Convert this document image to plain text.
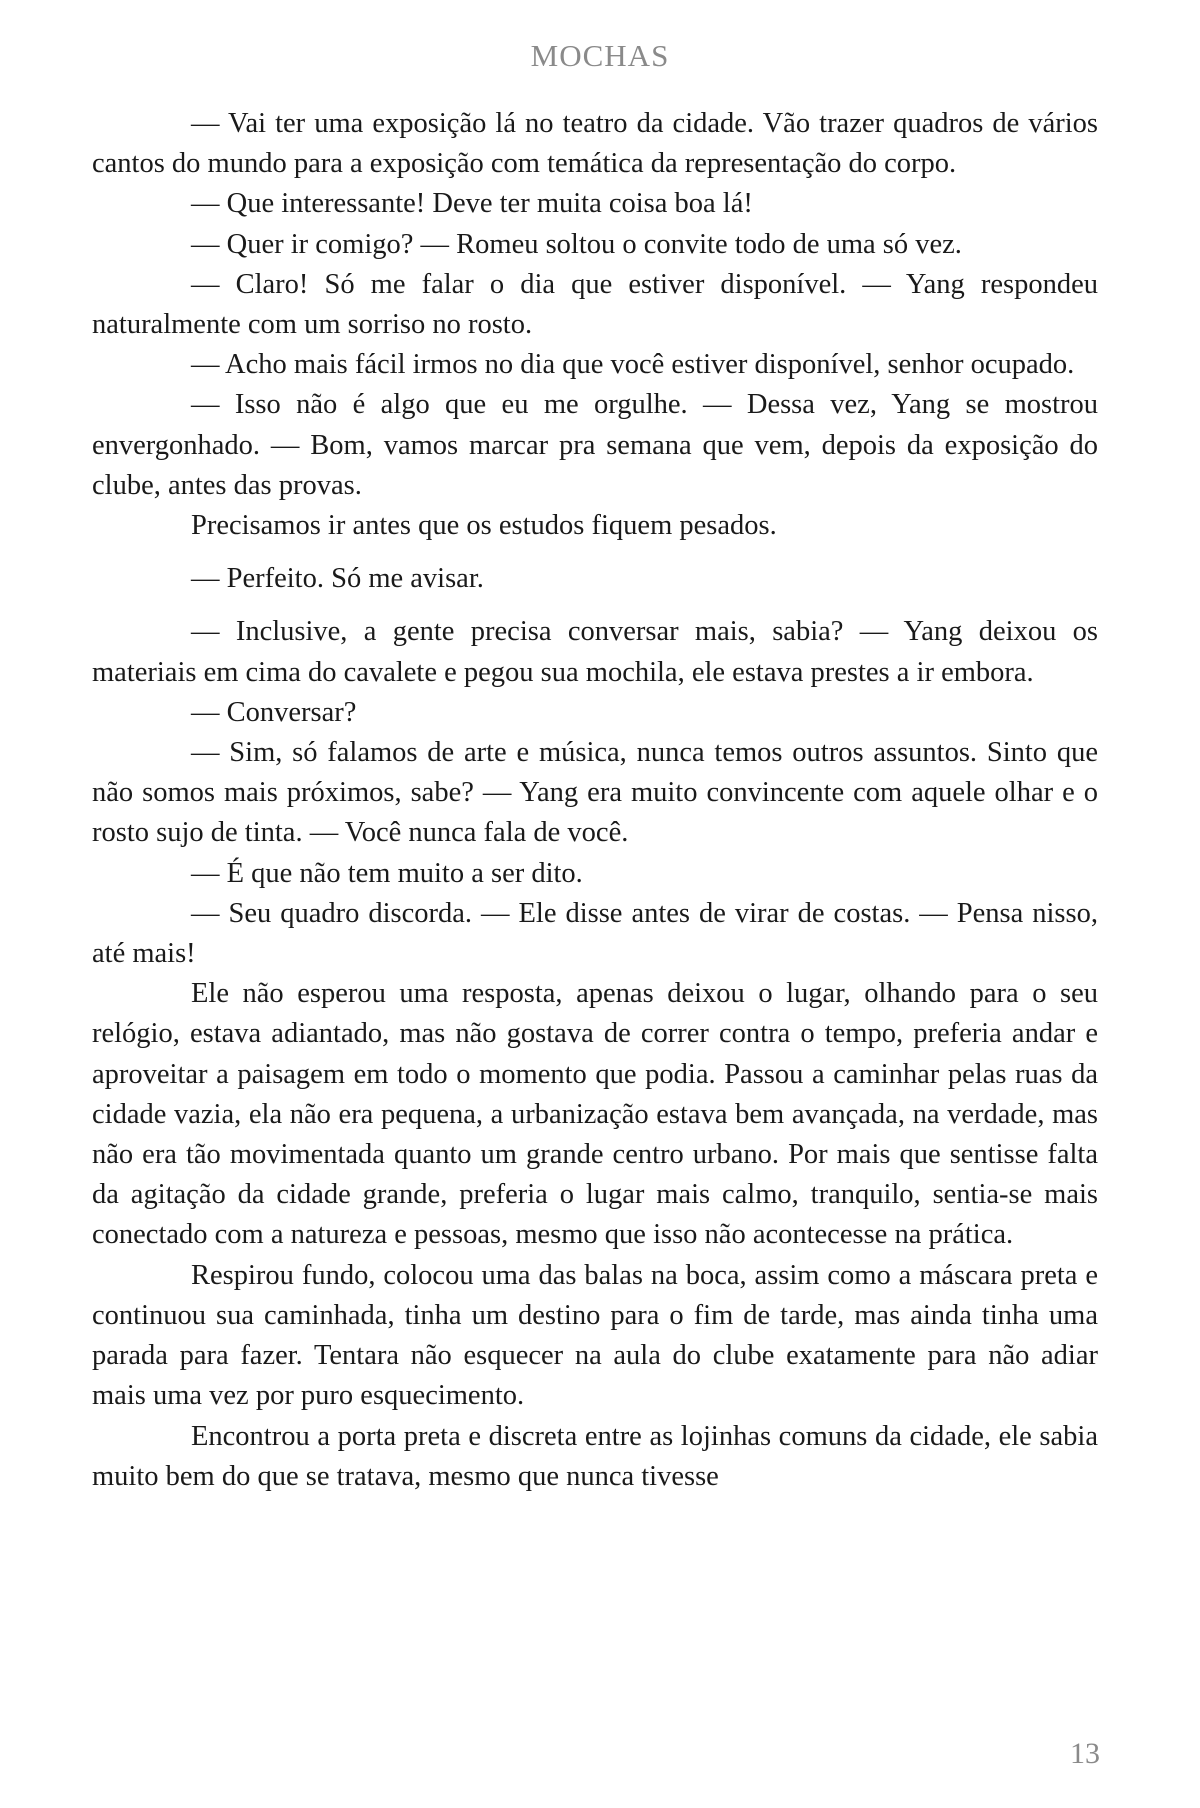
MOCHAS

— Vai ter uma exposição lá no teatro da cidade. Vão trazer quadros de vários cantos do mundo para a exposição com temática da representação do corpo.

— Que interessante! Deve ter muita coisa boa lá!

— Quer ir comigo? — Romeu soltou o convite todo de uma só vez.

— Claro! Só me falar o dia que estiver disponível. — Yang respondeu naturalmente com um sorriso no rosto.

— Acho mais fácil irmos no dia que você estiver disponível, senhor ocupado.

— Isso não é algo que eu me orgulhe. — Dessa vez, Yang se mostrou envergonhado. — Bom, vamos marcar pra semana que vem, depois da exposição do clube, antes das provas.

Precisamos ir antes que os estudos fiquem pesados.

— Perfeito. Só me avisar.

— Inclusive, a gente precisa conversar mais, sabia? — Yang deixou os materiais em cima do cavalete e pegou sua mochila, ele estava prestes a ir embora.

— Conversar?

— Sim, só falamos de arte e música, nunca temos outros assuntos. Sinto que não somos mais próximos, sabe? — Yang era muito convincente com aquele olhar e o rosto sujo de tinta. — Você nunca fala de você.

— É que não tem muito a ser dito.

— Seu quadro discorda. — Ele disse antes de virar de costas. — Pensa nisso, até mais!

Ele não esperou uma resposta, apenas deixou o lugar, olhando para o seu relógio, estava adiantado, mas não gostava de correr contra o tempo, preferia andar e aproveitar a paisagem em todo o momento que podia. Passou a caminhar pelas ruas da cidade vazia, ela não era pequena, a urbanização estava bem avançada, na verdade, mas não era tão movimentada quanto um grande centro urbano. Por mais que sentisse falta da agitação da cidade grande, preferia o lugar mais calmo, tranquilo, sentia-se mais conectado com a natureza e pessoas, mesmo que isso não acontecesse na prática.

Respirou fundo, colocou uma das balas na boca, assim como a máscara preta e continuou sua caminhada, tinha um destino para o fim de tarde, mas ainda tinha uma parada para fazer. Tentara não esquecer na aula do clube exatamente para não adiar mais uma vez por puro esquecimento.

Encontrou a porta preta e discreta entre as lojinhas comuns da cidade, ele sabia muito bem do que se tratava, mesmo que nunca tivesse

13
